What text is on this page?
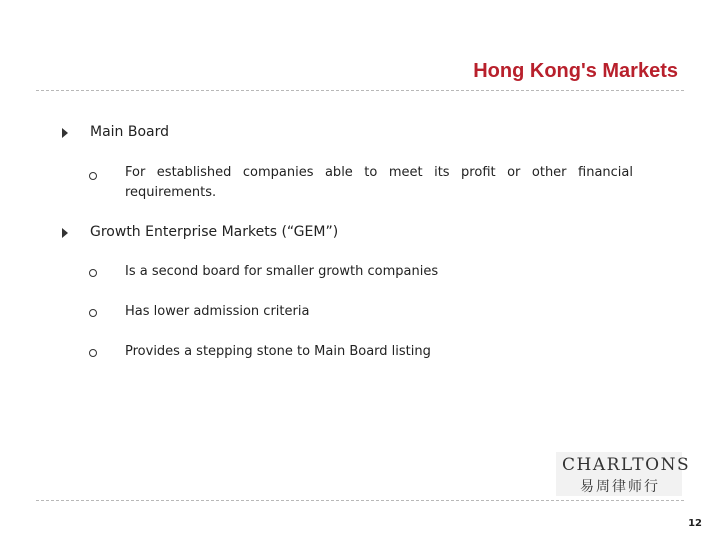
Hong Kong's Markets
Main Board
For established companies able to meet its profit or other financial requirements.
Growth Enterprise Markets (“GEM”)
Is a second board for smaller growth companies
Has lower admission criteria
Provides a stepping stone to Main Board listing
CHARLTONS
易周律师行
12
